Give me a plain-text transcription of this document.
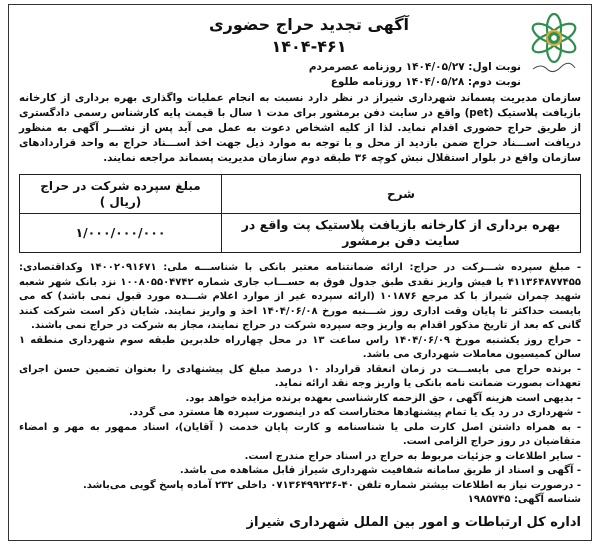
آگهی تجدید حراج حضوری
۱۴۰۴-۴۶۱
نوبت اول: ۱۴۰۴/۰۵/۲۷ روزنامه عصرمردم
نوبت دوم: ۱۴۰۴/۰۵/۲۸ روزنامه طلوع

سازمان مدیریت پسماند شهرداری شیراز در نظر دارد نسبت به انجام عملیات واگذاری بهره برداری از کارخانه بازیافت پلاستیک (pet) واقع در سایت دفن برمشور برای مدت ۱ سال با قیمت پایه کارشناس رسمی دادگستری از طریق حراج حضوری اقدام نماید. لذا از کلیه اشخاص دعوت به عمل می آید پس از نشـــر آگهی به منظور دریافت اســـناد حراج ضمن بازدید از محل و با توجه به موارد ذیل جهت اخذ اســـناد حراج به واحد قراردادهای سازمان واقع در بلوار استقلال نبش کوچه ۳۶ طبقه دوم سازمان مدیریت پسماند مراجعه نمایند.

شرح	مبلغ سپرده شرکت در حراج (ریال )
بهره برداری از کارخانه بازیافت پلاستیک پت واقع در سایت دفن برمشور	۱/۰۰۰/۰۰۰/۰۰۰

- مبلغ سپرده شـــرکت در حراج: ارائه ضمانتنامه معتبر بانکی با شناســـه ملی: ۱۴۰۰۲۰۹۱۶۷۱ وکداقتصادی: ۴۱۱۳۶۴۸۷۷۴۵۵ یا فیش واریز نقدی طبق جدول فوق به حســـاب جاری شماره ۱۰۰۸۰۵۵۰۴۷۴۲ نزد بانک شهر شعبه شهید چمران شیراز با کد مرجع ۱۰۱۸۷۶ (ارائه سپرده غیر از موارد اعلام شـــده مورد قبول نمی باشد) که می بایست حداکثر تا پایان وقت اداری روز شـــنبه مورخ ۱۴۰۴/۰۶/۰۸ اخذ و واریز نمایند. شایان ذکر است شرکت کنند گانی که بعد از تاریخ مذکور اقدام به واریز وجه سپرده شرکت در حراج نمایند، مجاز به شرکت در حراج نمی باشند.

- حراج روز یکشنبه مورخ ۱۴۰۴/۰۶/۰۹ راس ساعت ۱۳ در محل چهارراه خلدبرین طبقه سوم شهرداری منطقه ۱ سالن کمیسیون معاملات شهرداری می باشد.

- برنده حراج می بایســـت در زمان انعقاد قرارداد ۱۰ درصد مبلغ کل پیشنهادی را بعنوان تضمین حسن اجرای تعهدات بصورت ضمانت نامه بانکی یا واریز وجه نقد ارائه نماید.

- بدیهی است هزینه آگهی ، حق الزحمه کارشناسی بعهده برنده مزایده خواهد بود.

- شهرداری در رد یک یا تمام پیشنهادها مختاراست که در اینصورت سپرده ها مسترد می گردد.

- به همراه داشتن اصل کارت ملی یا شناسنامه و کارت پایان خدمت ( آقایان)، اسناد ممهور به مهر و امضاء متقاضیان در روز حراج الزامی است.

- سایر اطلاعات و جزئیات مربوط به حراج در اسناد حراج مندرج است.

- آگهی و اسناد از طریق سامانه شفافیت شهرداری شیراز قابل مشاهده می باشد.

- درصورت نیاز به اطلاعات بیشتر شماره تلفن ۴۰-۰۷۱۳۶۴۹۹۲۳۶ داخلی ۲۳۲ آماده پاسخ گویی می‌باشد.

شناسه آگهی: ۱۹۸۵۷۴۵

اداره کل ارتباطات و امور بین الملل شهرداری شیراز
